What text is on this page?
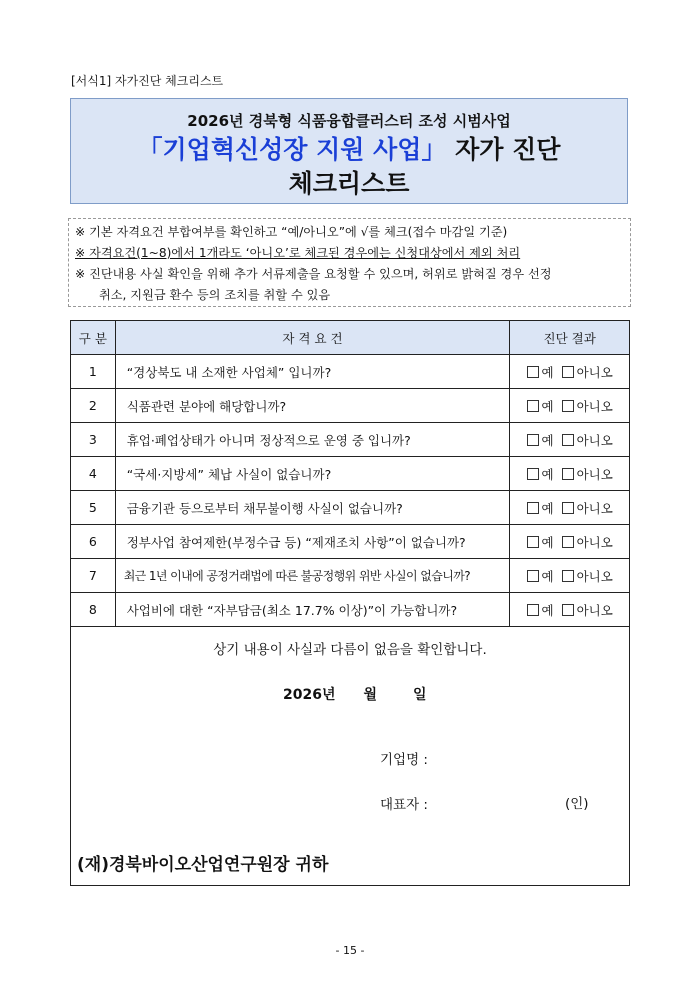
[서식1] 자가진단 체크리스트
2026년 경북형 식품융합클러스터 조성 시범사업
「기업혁신성장 지원 사업」 자가 진단
체크리스트
※ 기본 자격요건 부합여부를 확인하고 “예/아니오”에 √를 체크(접수 마감일 기준)
※ 자격요건(1~8)에서 1개라도 ‘아니오’로 체크된 경우에는 신청대상에서 제외 처리
※ 진단내용 사실 확인을 위해 추가 서류제출을 요청할 수 있으며, 허위로 밝혀질 경우 선정
취소, 지원금 환수 등의 조치를 취할 수 있음
구 분	자 격 요 건	진단 결과
1	“경상북도 내 소재한 사업체” 입니까?	예 아니오
2	식품관련 분야에 해당합니까?	예 아니오
3	휴업·폐업상태가 아니며 정상적으로 운영 중 입니까?	예 아니오
4	“국세·지방세” 체납 사실이 없습니까?	예 아니오
5	금융기관 등으로부터 채무불이행 사실이 없습니까?	예 아니오
6	정부사업 참여제한(부정수급 등) “제재조치 사항”이 없습니까?	예 아니오
7	최근 1년 이내에 공정거래법에 따른 불공정행위 위반 사실이 없습니까?	예 아니오
8	사업비에 대한 “자부담금(최소 17.7% 이상)”이 가능합니까?	예 아니오
상기 내용이 사실과 다름이 없음을 확인합니다.
2026년 월	일
기업명 :
대표자 :	(인)
(재)경북바이오산업연구원장 귀하
- 15 -
